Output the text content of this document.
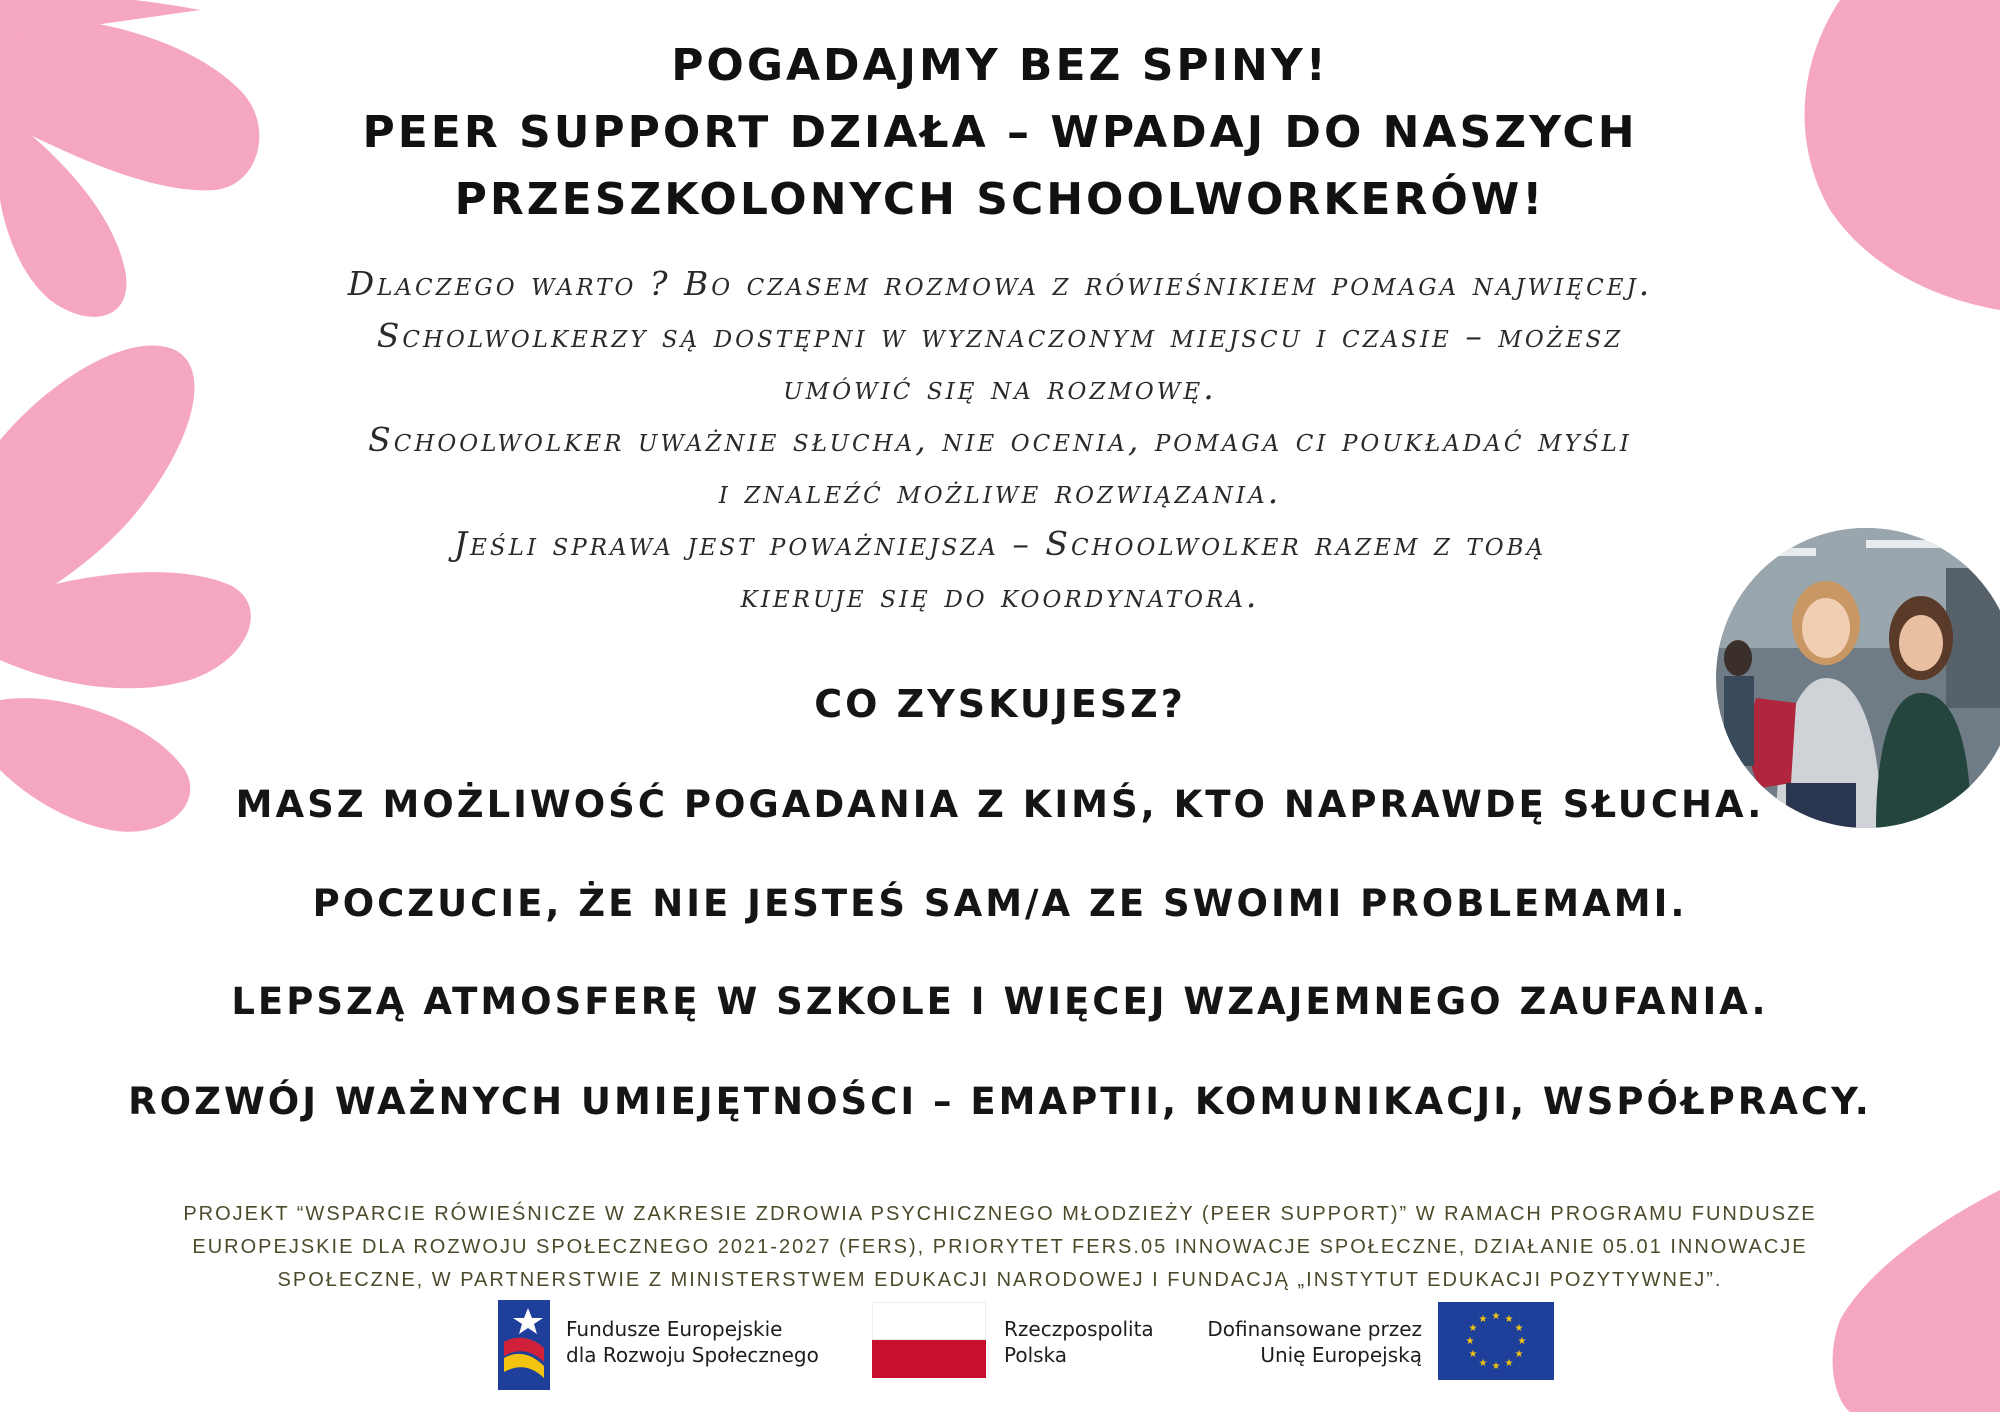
POGADAJMY BEZ SPINY!
PEER SUPPORT DZIAŁA – WPADAJ DO NASZYCH
PRZESZKOLONYCH SCHOOLWORKERÓW!
Dlaczego warto ? Bo czasem rozmowa z rówieśnikiem pomaga najwięcej.
Scholwolkerzy są dostępni w wyznaczonym miejscu i czasie – możesz
umówić się na rozmowę.
Schoolwolker uważnie słucha, nie ocenia, pomaga ci poukładać myśli
i znaleźć możliwe rozwiązania.
Jeśli sprawa jest poważniejsza – Schoolwolker razem z tobą
kieruje się do koordynatora.
CO ZYSKUJESZ?
MASZ MOŻLIWOŚĆ POGADANIA Z KIMŚ, KTO NAPRAWDĘ SŁUCHA.
POCZUCIE, ŻE NIE JESTEŚ SAM/A ZE SWOIMI PROBLEMAMI.
LEPSZĄ ATMOSFERĘ W SZKOLE I WIĘCEJ WZAJEMNEGO ZAUFANIA.
ROZWÓJ WAŻNYCH UMIEJĘTNOŚCI – EMAPTII, KOMUNIKACJI, WSPÓŁPRACY.
PROJEKT “WSPARCIE RÓWIEŚNICZE W ZAKRESIE ZDROWIA PSYCHICZNEGO MŁODZIEŻY (PEER SUPPORT)” W RAMACH PROGRAMU FUNDUSZE
EUROPEJSKIE DLA ROZWOJU SPOŁECZNEGO 2021-2027 (FERS), PRIORYTET FERS.05 INNOWACJE SPOŁECZNE, DZIAŁANIE 05.01 INNOWACJE
SPOŁECZNE, W PARTNERSTWIE Z MINISTERSTWEM EDUKACJI NARODOWEJ I FUNDACJĄ „INSTYTUT EDUKACJI POZYTYWNEJ”.
Fundusze Europejskie
dla Rozwoju Społecznego
Rzeczpospolita
Polska
Dofinansowane przez
Unię Europejską
★ ★
★
★
★
★
★
★
★
★
★
★
